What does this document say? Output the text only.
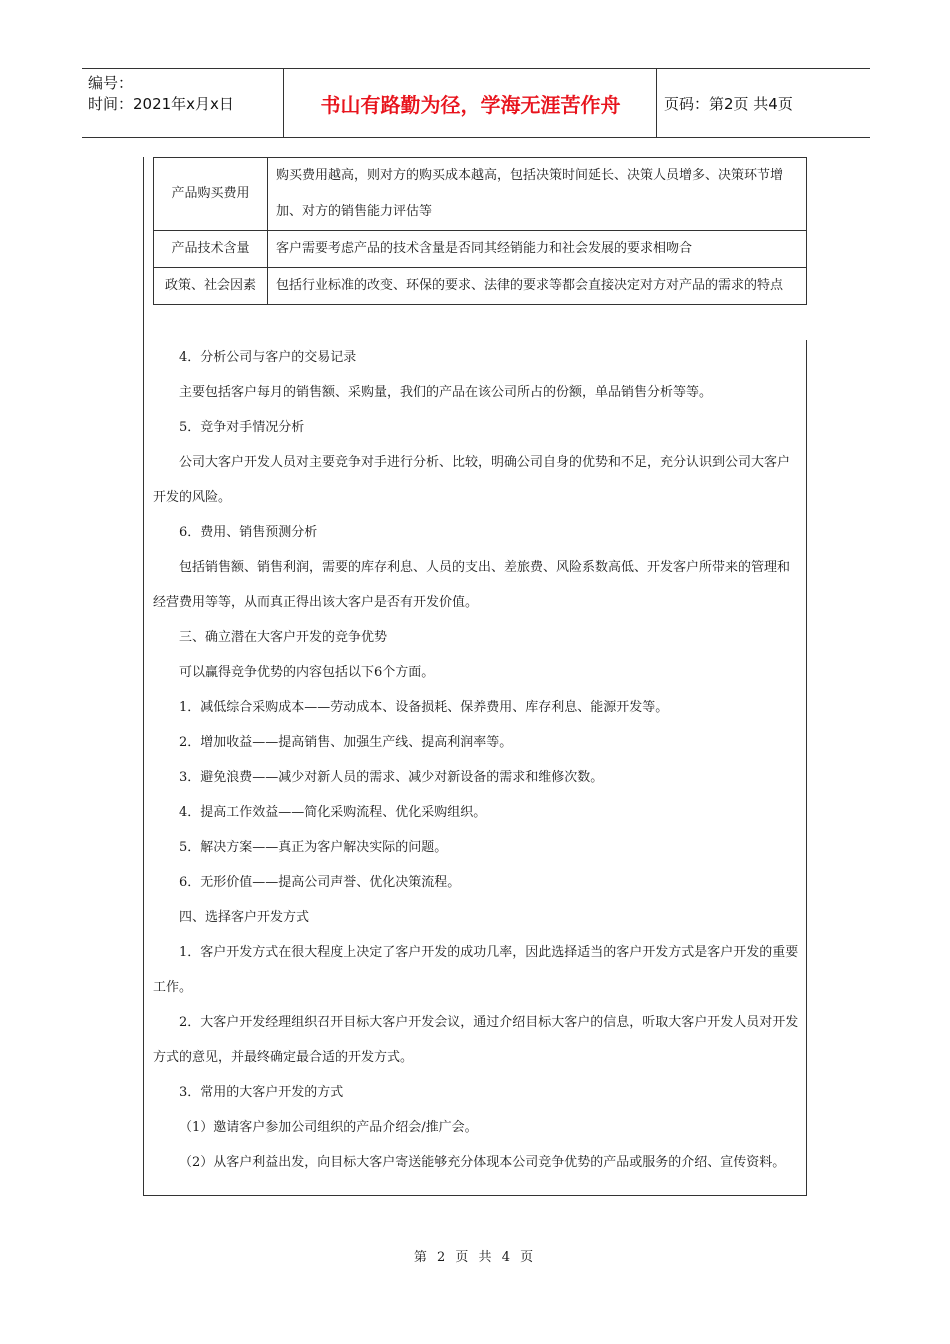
编号：
时间：2021年x月x日	书山有路勤为径，学海无涯苦作舟	页码：第2页 共4页
产品购买费用	购买费用越高，则对方的购买成本越高，包括决策时间延长、决策人员增多、决策环节增加、对方的销售能力评估等
产品技术含量	客户需要考虑产品的技术含量是否同其经销能力和社会发展的要求相吻合
政策、社会因素	包括行业标准的改变、环保的要求、法律的要求等都会直接决定对方对产品的需求的特点

4．分析公司与客户的交易记录

主要包括客户每月的销售额、采购量，我们的产品在该公司所占的份额，单品销售分析等等。

5．竞争对手情况分析

公司大客户开发人员对主要竞争对手进行分析、比较，明确公司自身的优势和不足，充分认识到公司大客户开发的风险。

6．费用、销售预测分析

包括销售额、销售利润，需要的库存利息、人员的支出、差旅费、风险系数高低、开发客户所带来的管理和经营费用等等，从而真正得出该大客户是否有开发价值。

三、确立潜在大客户开发的竞争优势

可以赢得竞争优势的内容包括以下6个方面。

1．减低综合采购成本——劳动成本、设备损耗、保养费用、库存利息、能源开发等。

2．增加收益——提高销售、加强生产线、提高利润率等。

3．避免浪费——减少对新人员的需求、减少对新设备的需求和维修次数。

4．提高工作效益——简化采购流程、优化采购组织。

5．解决方案——真正为客户解决实际的问题。

6．无形价值——提高公司声誉、优化决策流程。

四、选择客户开发方式

1．客户开发方式在很大程度上决定了客户开发的成功几率，因此选择适当的客户开发方式是客户开发的重要工作。

2．大客户开发经理组织召开目标大客户开发会议，通过介绍目标大客户的信息，听取大客户开发人员对开发方式的意见，并最终确定最合适的开发方式。

3．常用的大客户开发的方式

（1）邀请客户参加公司组织的产品介绍会/推广会。

（2）从客户利益出发，向目标大客户寄送能够充分体现本公司竞争优势的产品或服务的介绍、宣传资料。

第 2 页 共 4 页
